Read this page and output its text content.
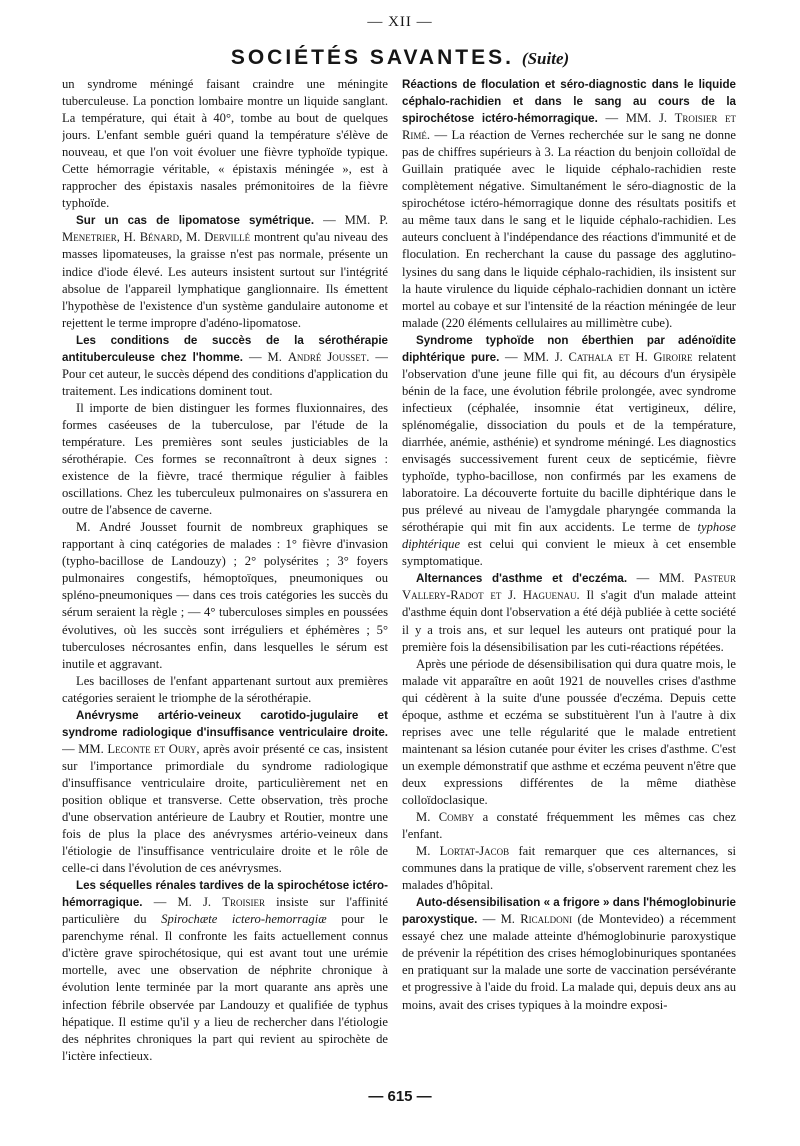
— XII —
SOCIÉTÉS SAVANTES. (Suite)

un syndrome méningé faisant craindre une méningite tuberculeuse. La ponction lombaire montre un liquide sanglant. La température, qui était à 40°, tombe au bout de quelques jours. L'enfant semble guéri quand la température s'élève de nouveau, et que l'on voit évoluer une fièvre typhoïde typique. Cette hémorragie véritable, « épistaxis méningée », est à rapprocher des épistaxis nasales prémonitoires de la fièvre typhoïde.

Sur un cas de lipomatose symétrique. — MM. P. Menetrier, H. Bénard, M. Dervillé montrent qu'au niveau des masses lipomateuses, la graisse n'est pas normale, présente un indice d'iode élevé. Les auteurs insistent surtout sur l'intégrité absolue de l'appareil lymphatique ganglionnaire. Ils émettent l'hypothèse de l'existence d'un système gandulaire autonome et rejettent le terme impropre d'adéno-lipomatose.

Les conditions de succès de la sérothérapie antituberculeuse chez l'homme. — M. André Jousset. — Pour cet auteur, le succès dépend des conditions d'application du traitement. Les indications dominent tout.

Il importe de bien distinguer les formes fluxionnaires, des formes caséeuses de la tuberculose, par l'étude de la température. Les premières sont seules justiciables de la sérothérapie. Ces formes se reconnaîtront à deux signes : existence de la fièvre, tracé thermique régulier à faibles oscillations. Chez les tuberculeux pulmonaires on s'assurera en outre de l'absence de caverne.

M. André Jousset fournit de nombreux graphiques se rapportant à cinq catégories de malades : 1° fièvre d'invasion (typho-bacillose de Landouzy) ; 2° polysérites ; 3° foyers pulmonaires congestifs, hémoptoïques, pneumoniques ou spléno-pneumoniques — dans ces trois catégories les succès du sérum seraient la règle ; — 4° tuberculoses simples en poussées évolutives, où les succès sont irréguliers et éphémères ; 5° tuberculoses nécrosantes enfin, dans lesquelles le sérum est inutile et aggravant.

Les bacilloses de l'enfant appartenant surtout aux premières catégories seraient le triomphe de la sérothérapie.

Anévrysme artério-veineux carotido-jugulaire et syndrome radiologique d'insuffisance ventriculaire droite. — MM. Leconte et Oury, après avoir présenté ce cas, insistent sur l'importance primordiale du syndrome radiologique d'insuffisance ventriculaire droite, particulièrement net en position oblique et transverse. Cette observation, très proche d'une observation antérieure de Laubry et Routier, montre une fois de plus la place des anévrysmes artério-veineux dans l'étiologie de l'insuffisance ventriculaire droite et le rôle de celle-ci dans l'évolution de ces anévrysmes.

Les séquelles rénales tardives de la spirochétose ictéro-hémorragique. — M. J. Troisier insiste sur l'affinité particulière du Spirochæte ictero-hemorragiæ pour le parenchyme rénal. Il confronte les faits actuellement connus d'ictère grave spirochétosique, qui est avant tout une urémie mortelle, avec une observation de néphrite chronique à évolution lente terminée par la mort quarante ans après une infection fébrile observée par Landouzy et qualifiée de typhus hépatique. Il estime qu'il y a lieu de rechercher dans l'étiologie des néphrites chroniques la part qui revient au spirochète de l'ictère infectieux.

Réactions de floculation et séro-diagnostic dans le liquide céphalo-rachidien et dans le sang au cours de la spirochétose ictéro-hémorragique. — MM. J. Troisier et Rimé. — La réaction de Vernes recherchée sur le sang ne donne pas de chiffres supérieurs à 3. La réaction du benjoin colloïdal de Guillain pratiquée avec le liquide céphalo-rachidien reste complètement négative. Simultanément le séro-diagnostic de la spirochétose ictéro-hémorragique donne des résultats positifs et au même taux dans le sang et le liquide céphalo-rachidien. Les auteurs concluent à l'indépendance des réactions d'immunité et de floculation. En recherchant la cause du passage des agglutino-lysines du sang dans le liquide céphalo-rachidien, ils insistent sur la haute virulence du liquide céphalo-rachidien donnant un ictère mortel au cobaye et sur l'intensité de la réaction méningée de leur malade (220 éléments cellulaires au millimètre cube).

Syndrome typhoïde non éberthien par adénoïdite diphtérique pure. — MM. J. Cathala et H. Giroire relatent l'observation d'une jeune fille qui fit, au décours d'un érysipèle bénin de la face, une évolution fébrile prolongée, avec syndrome infectieux (céphalée, insomnie état vertigineux, délire, splénomégalie, dissociation du pouls et de la température, diarrhée, anémie, asthénie) et syndrome méningé. Les diagnostics envisagés successivement furent ceux de septicémie, fièvre typhoïde, typho-bacillose, non confirmés par les examens de laboratoire. La découverte fortuite du bacille diphtérique dans le pus prélevé au niveau de l'amygdale pharyngée commanda la sérothérapie qui mit fin aux accidents. Le terme de typhose diphtérique est celui qui convient le mieux à cet ensemble symptomatique.

Alternances d'asthme et d'eczéma. — MM. Pasteur Vallery-Radot et J. Haguenau. Il s'agit d'un malade atteint d'asthme équin dont l'observation a été déjà publiée à cette société il y a trois ans, et sur lequel les auteurs ont pratiqué pour la première fois la désensibilisation par les cuti-réactions répétées.

Après une période de désensibilisation qui dura quatre mois, le malade vit apparaître en août 1921 de nouvelles crises d'asthme qui cédèrent à la suite d'une poussée d'eczéma. Depuis cette époque, asthme et eczéma se substituèrent l'un à l'autre à dix reprises avec une telle régularité que le malade entretient maintenant sa lésion cutanée pour éviter les crises d'asthme. C'est un exemple démonstratif que asthme et eczéma peuvent n'être que deux expressions différentes de la même diathèse colloïdoclasique.

M. Comby a constaté fréquemment les mêmes cas chez l'enfant.

M. Lortat-Jacob fait remarquer que ces alternances, si communes dans la pratique de ville, s'observent rarement chez les malades d'hôpital.

Auto-désensibilisation « a frigore » dans l'hémoglobinurie paroxystique. — M. Ricaldoni (de Montevideo) a récemment essayé chez une malade atteinte d'hémoglobinurie paroxystique de prévenir la répétition des crises hémoglobinuriques spontanées en pratiquant sur la malade une sorte de vaccination persévérante et progressive à l'aide du froid. La malade qui, depuis deux ans au moins, avait des crises typiques à la moindre exposi-

— 615 —
